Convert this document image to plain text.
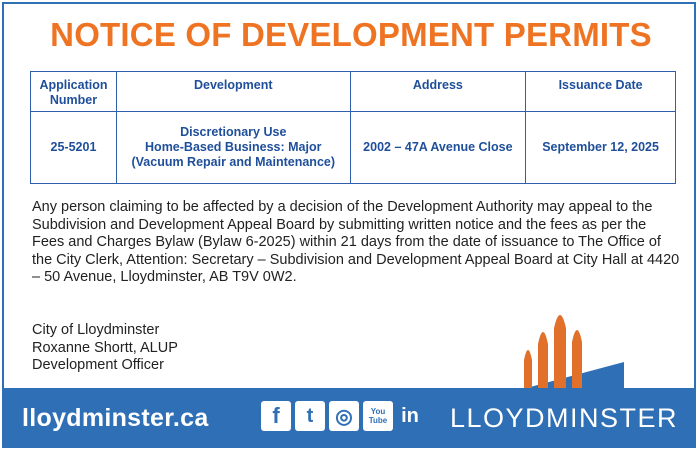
NOTICE OF DEVELOPMENT PERMITS
Application
Number	Development	Address	Issuance Date
25-5201	Discretionary Use
Home-Based Business: Major
(Vacuum Repair and Maintenance)	2002 – 47A Avenue Close	September 12, 2025

Any person claiming to be affected by a decision of the Development Authority may appeal to the Subdivision and Development Appeal Board by submitting written notice and the fees as per the Fees and Charges Bylaw (Bylaw 6-2025) within 21 days from the date of issuance to The Office of the City Clerk, Attention: Secretary – Subdivision and Development Appeal Board at City Hall at 4420 – 50 Avenue, Lloydminster, AB T9V 0W2.

City of Lloydminster
Roxanne Shortt, ALUP
Development Officer
lloydminster.ca	f	t	◎	You Tube in LLOYDMINSTER
